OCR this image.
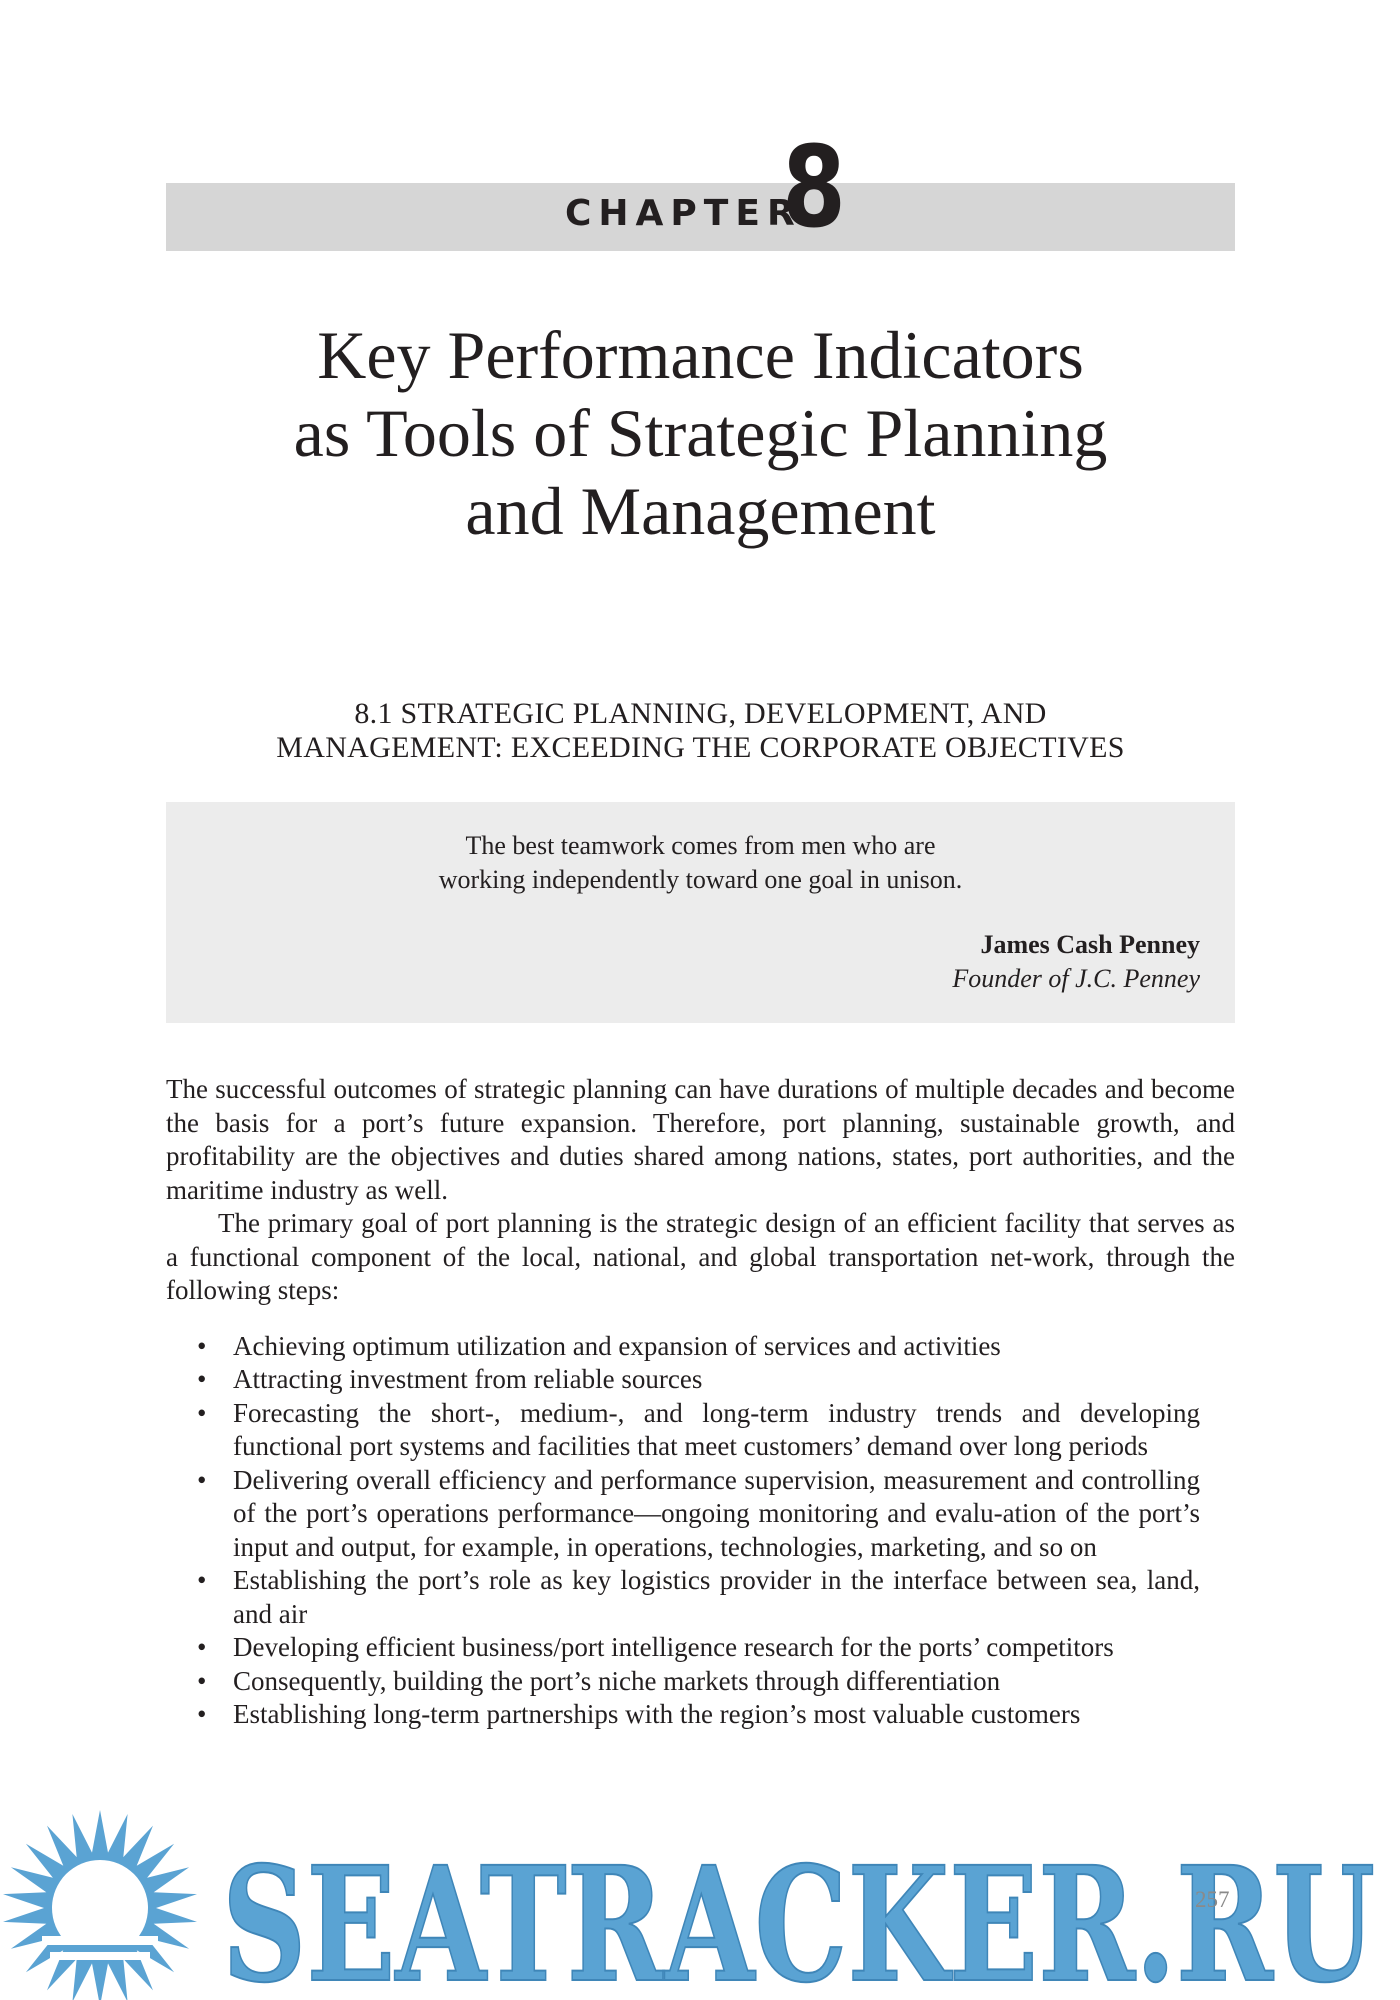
CHAPTER
8
Key Performance Indicators
as Tools of Strategic Planning
and Management
8.1 STRATEGIC PLANNING, DEVELOPMENT, AND
MANAGEMENT: EXCEEDING THE CORPORATE OBJECTIVES
The best teamwork comes from men who are
working independently toward one goal in unison.
James Cash Penney
Founder of J.C. Penney

The successful outcomes of strategic planning can have durations of multiple decades and become the basis for a port’s future expansion. Therefore, port planning, sustainable growth, and profitability are the objectives and duties shared among nations, states, port authorities, and the maritime industry as well.

The primary goal of port planning is the strategic design of an efficient facility that serves as a functional component of the local, national, and global transportation net-work, through the following steps:

• Achieving optimum utilization and expansion of services and activities
• Attracting investment from reliable sources
• Forecasting the short-, medium-, and long-term industry trends and developing functional port systems and facilities that meet customers’ demand over long periods
• Delivering overall efficiency and performance supervision, measurement and controlling of the port’s operations performance—ongoing monitoring and evalu-ation of the port’s input and output, for example, in operations, technologies, marketing, and so on
• Establishing the port’s role as key logistics provider in the interface between sea, land, and air
• Developing efficient business/port intelligence research for the ports’ competitors
• Consequently, building the port’s niche markets through differentiation
• Establishing long-term partnerships with the region’s most valuable customers
SEATRACKER.RU
257
